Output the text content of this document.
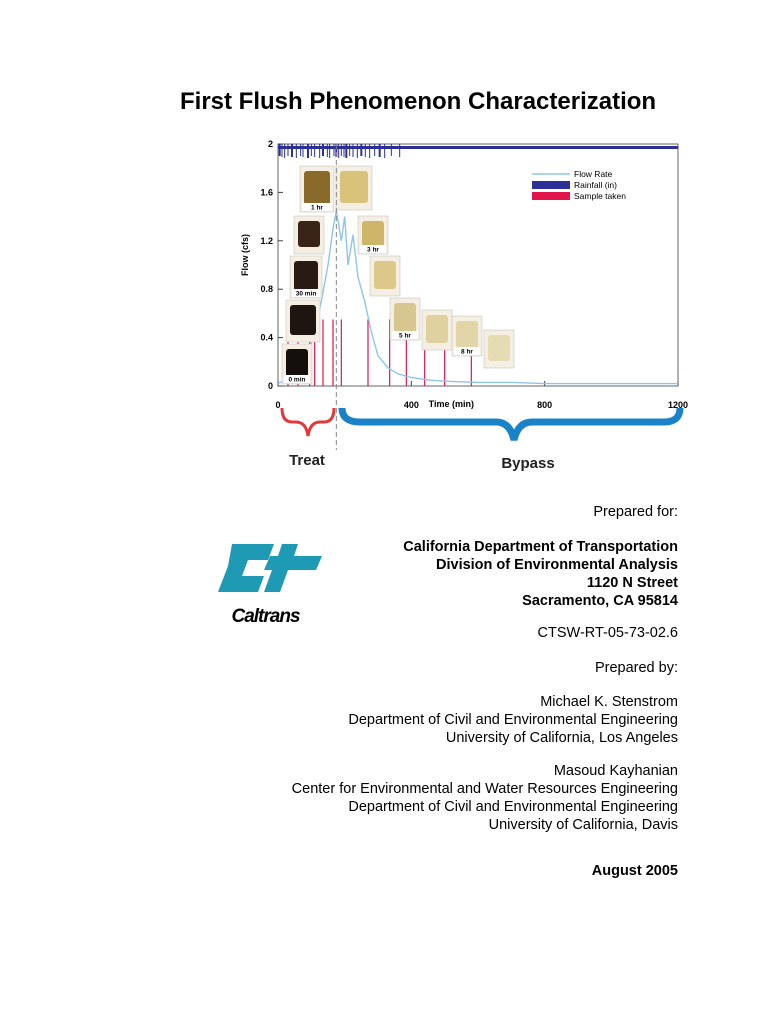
First Flush Phenomenon Characterization
0
0.4
0.8
1.2
1.6
2
0	400	800	1200
Time (min)
Flow (cfs)
1 hr
30 min
0 min
3 hr
5 hr
8 hr
Flow Rate
Rainfall (in)
Sample taken
Treat	Bypass
Prepared for:
California Department of Transportation
Division of Environmental Analysis
1120 N Street
Sacramento, CA 95814
Caltrans
CTSW-RT-05-73-02.6
Prepared by:
Michael K. Stenstrom
Department of Civil and Environmental Engineering
University of California, Los Angeles
Masoud Kayhanian
Center for Environmental and Water Resources Engineering
Department of Civil and Environmental Engineering
University of California, Davis
August 2005
